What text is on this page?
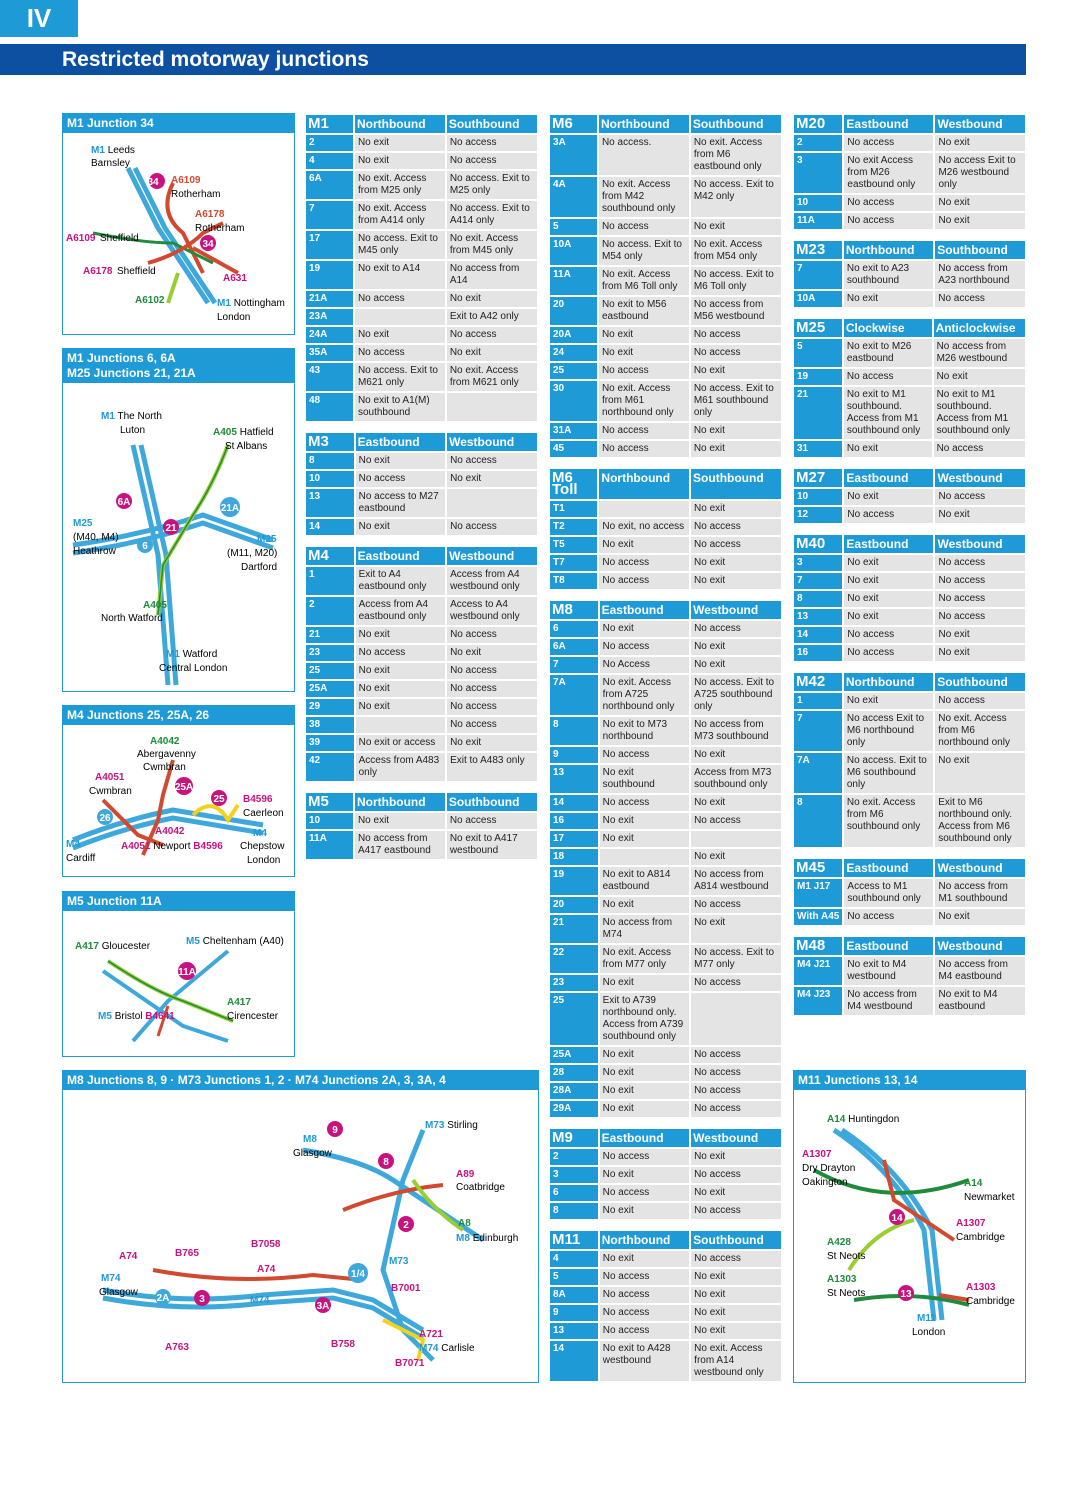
IV
Restricted motorway junctions
M1 Junction 34
M1 Leeds
Barnsley
34 A6109
Rotherham
A6178
Rotherham
A6109 Sheffield
34
A6178 Sheffield
A631
A6102	M1 Nottingham
London
M1 Junctions 6, 6A
M25 Junctions 21, 21A
M1 The North
Luton	A405 Hatfield
St Albans
6A
21A
M25
(M40, M4)
Heathrow
21
6
M25
(M11, M20)
Dartford
A405
North Watford
M1 Watford
Central London
M4 Junctions 25, 25A, 26
A4042
Abergavenny
Cwmbran
A4051
Cwmbran	25A
25 B4596
Caerleon
26
A4042	M4
Chepstow
London
M4
Cardiff
A4051 Newport B4596
M5 Junction 11A
A417 Gloucester	M5 Cheltenham (A40)
11A
A417
Cirencester
M5 Bristol B4641
M8 Junctions 8, 9 · M73 Junctions 1, 2 · M74 Junctions 2A, 3, 3A, 4
9	M73 Stirling
M8
Glasgow
8
A89
Coatbridge
2	A8
M8 Edinburgh
B7058
A74	B765
A74
M73
1/4
B7001
M74
Glasgow
M74
2A	3
3A
A721
M74 Carlisle
A763	B758
B7071
M11 Junctions 13, 14
A14 Huntingdon
A1307
Dry Drayton
Oakington	A14
Newmarket
14	A1307
Cambridge
A428
St Neots
A1303
St Neots	13
A1303
Cambridge
M11
London
M1	Northbound	Southbound
2	No exit	No access
4	No exit	No access
6A	No exit. Access from M25 only	No access. Exit to M25 only
7	No exit. Access from A414 only	No access. Exit to A414 only
17	No access. Exit to M45 only	No exit. Access from M45 only
19	No exit to A14	No access from A14
21A	No access	No exit
23A		Exit to A42 only
24A	No exit	No access
35A	No access	No exit
43	No access. Exit to M621 only	No exit. Access from M621 only
48	No exit to A1(M) southbound	
M3	Eastbound	Westbound
8	No exit	No access
10	No access	No exit
13	No access to M27 eastbound	
14	No exit	No access
M4	Eastbound	Westbound
1	Exit to A4 eastbound only	Access from A4 westbound only
2	Access from A4 eastbound only	Access to A4 westbound only
21	No exit	No access
23	No access	No exit
25	No exit	No access
25A	No exit	No access
29	No exit	No access
38		No access
39	No exit or access	No exit
42	Access from A483 only	Exit to A483 only
M5	Northbound	Southbound
10	No exit	No access
11A	No access from A417 eastbound	No exit to A417 westbound
M6	Northbound	Southbound
3A	No access.	No exit. Access from M6 eastbound only
4A	No exit. Access from M42 southbound only	No access. Exit to M42 only
5	No access	No exit
10A	No access. Exit to M54 only	No exit. Access from M54 only
11A	No exit. Access from M6 Toll only	No access. Exit to M6 Toll only
20	No exit to M56 eastbound	No access from M56 westbound
20A	No exit	No access
24	No exit	No access
25	No access	No exit
30	No exit. Access from M61 northbound only	No access. Exit to M61 southbound only
31A	No access	No exit
45	No access	No exit
M6 Toll	Northbound	Southbound
T1		No exit
T2	No exit, no access	No access
T5	No exit	No access
T7	No access	No exit
T8	No access	No exit
M8	Eastbound	Westbound
6	No exit	No access
6A	No access	No exit
7	No Access	No exit
7A	No exit. Access from A725 northbound only	No access. Exit to A725 southbound only
8	No exit to M73 northbound	No access from M73 southbound
9	No access	No exit
13	No exit southbound	Access from M73 southbound only
14	No access	No exit
16	No exit	No access
17	No exit	
18		No exit
19	No exit to A814 eastbound	No access from A814 westbound
20	No exit	No access
21	No access from M74	No exit
22	No exit. Access from M77 only	No access. Exit to M77 only
23	No exit	No access
25	Exit to A739 northbound only. Access from A739 southbound only	
25A	No exit	No access
28	No exit	No access
28A	No exit	No access
29A	No exit	No access
M9	Eastbound	Westbound
2	No access	No exit
3	No exit	No access
6	No access	No exit
8	No exit	No access
M11	Northbound	Southbound
4	No exit	No access
5	No access	No exit
8A	No access	No exit
9	No access	No exit
13	No access	No exit
14	No exit to A428 westbound	No exit. Access from A14 westbound only
M20	Eastbound	Westbound
2	No access	No exit
3	No exit Access from M26 eastbound only	No access Exit to M26 westbound only
10	No access	No exit
11A	No access	No exit
M23	Northbound	Southbound
7	No exit to A23 southbound	No access from A23 northbound
10A	No exit	No access
M25	Clockwise	Anticlockwise
5	No exit to M26 eastbound	No access from M26 westbound
19	No access	No exit
21	No exit to M1 southbound. Access from M1 southbound only	No exit to M1 southbound. Access from M1 southbound only
31	No exit	No access
M27	Eastbound	Westbound
10	No exit	No access
12	No access	No exit
M40	Eastbound	Westbound
3	No exit	No access
7	No exit	No access
8	No exit	No access
13	No exit	No access
14	No access	No exit
16	No access	No exit
M42	Northbound	Southbound
1	No exit	No access
7	No access Exit to M6 northbound only	No exit. Access from M6 northbound only
7A	No access. Exit to M6 southbound only	No exit
8	No exit. Access from M6 southbound only	Exit to M6 northbound only. Access from M6 southbound only
M45	Eastbound	Westbound
M1 J17	Access to M1 southbound only	No access from M1 southbound
With A45	No access	No exit
M48	Eastbound	Westbound
M4 J21	No exit to M4 westbound	No access from M4 eastbound
M4 J23	No access from M4 westbound	No exit to M4 eastbound
